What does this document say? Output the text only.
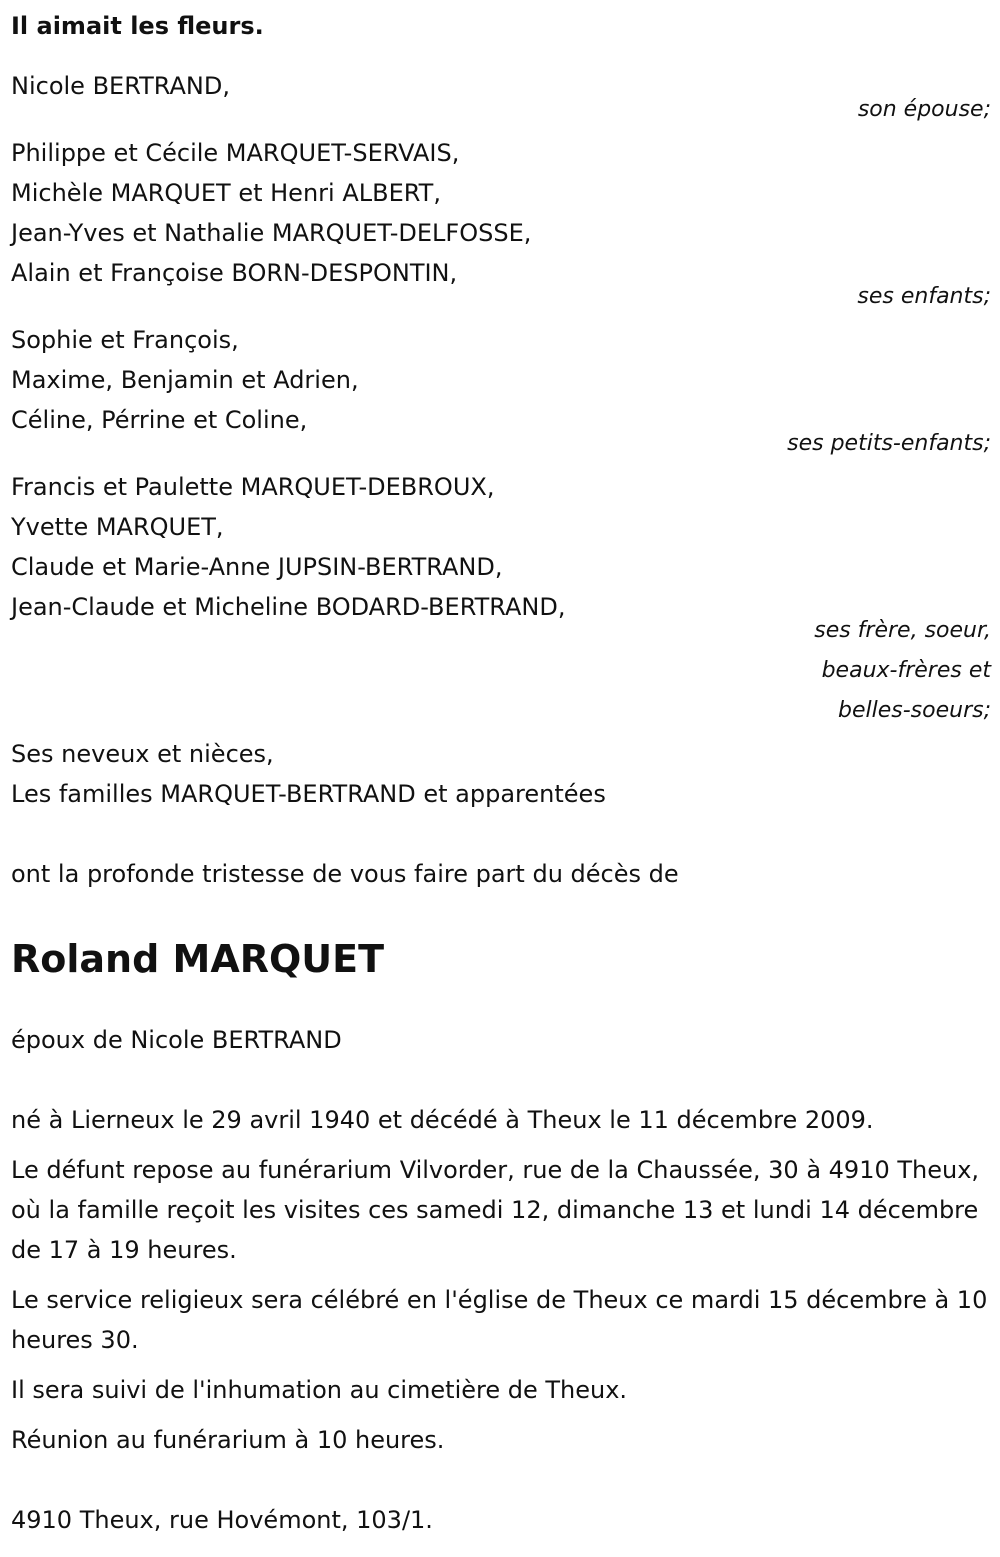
Il aimait les fleurs.
Nicole BERTRAND,
son épouse;
Philippe et Cécile MARQUET-SERVAIS,
Michèle MARQUET et Henri ALBERT,
Jean-Yves et Nathalie MARQUET-DELFOSSE,
Alain et Françoise BORN-DESPONTIN,
ses enfants;
Sophie et François,
Maxime, Benjamin et Adrien,
Céline, Pérrine et Coline,
ses petits-enfants;
Francis et Paulette MARQUET-DEBROUX,
Yvette MARQUET,
Claude et Marie-Anne JUPSIN-BERTRAND,
Jean-Claude et Micheline BODARD-BERTRAND,
ses frère, soeur,
beaux-frères et
belles-soeurs;
Ses neveux et nièces,
Les familles MARQUET-BERTRAND et apparentées
ont la profonde tristesse de vous faire part du décès de
Roland MARQUET
époux de Nicole BERTRAND
né à Lierneux le 29 avril 1940 et décédé à Theux le 11 décembre 2009.
Le défunt repose au funérarium Vilvorder, rue de la Chaussée, 30 à 4910 Theux, où la famille reçoit les visites ces samedi 12, dimanche 13 et lundi 14 décembre de 17 à 19 heures.
Le service religieux sera célébré en l'église de Theux ce mardi 15 décembre à 10 heures 30.
Il sera suivi de l'inhumation au cimetière de Theux.
Réunion au funérarium à 10 heures.
4910 Theux, rue Hovémont, 103/1.
